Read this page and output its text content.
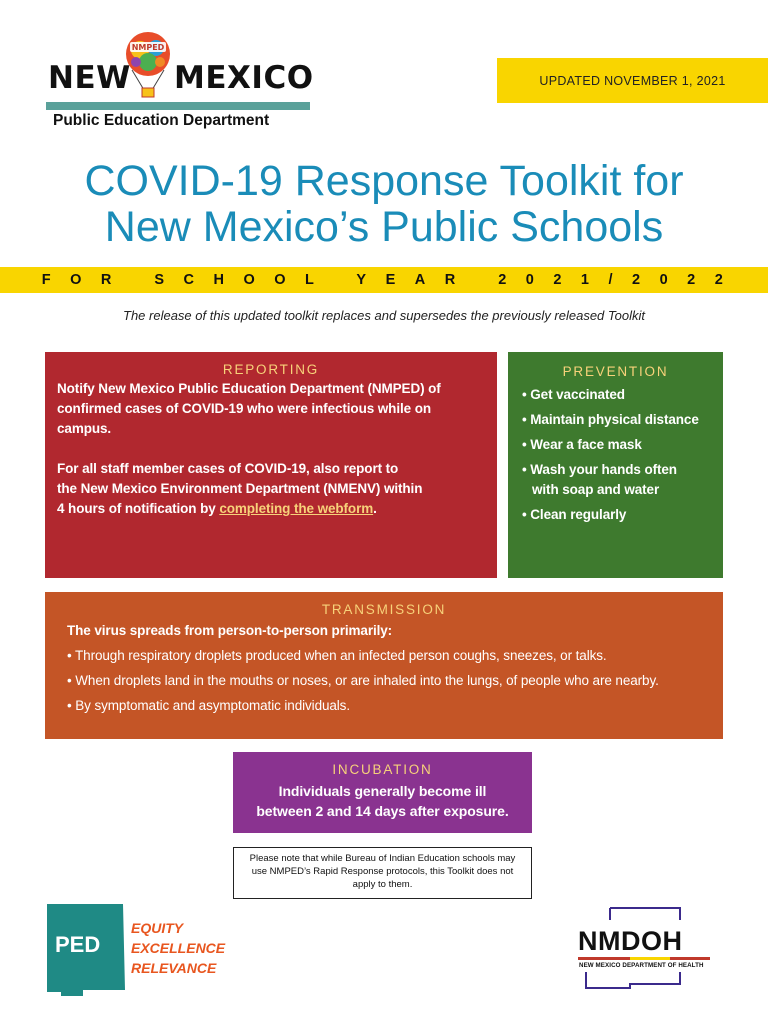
NMPED
NEW MEXICO
Public Education Department
UPDATED NOVEMBER 1, 2021
COVID-19 Response Toolkit for
New Mexico’s Public Schools
FOR SCHOOL YEAR 2021/2022
The release of this updated toolkit replaces and supersedes the previously released Toolkit
REPORTING

Notify New Mexico Public Education Department (NMPED) of confirmed cases of COVID-19 who were infectious while on campus.

For all staff member cases of COVID-19, also report to
the New Mexico Environment Department (NMENV) within
4 hours of notification by completing the webform.

PREVENTION
• Get vaccinated
• Maintain physical distance
• Wear a face mask
• Wash your hands often
with soap and water
• Clean regularly
TRANSMISSION
The virus spreads from person-to-person primarily:
• Through respiratory droplets produced when an infected person coughs, sneezes, or talks.
• When droplets land in the mouths or noses, or are inhaled into the lungs, of people who are nearby.
• By symptomatic and asymptomatic individuals.
INCUBATION
Individuals generally become ill
between 2 and 14 days after exposure.
Please note that while Bureau of Indian Education schools may use NMPED’s Rapid Response protocols, this Toolkit does not apply to them.
PED
EQUITY
EXCELLENCE
RELEVANCE
NMDOH
NEW MEXICO DEPARTMENT OF HEALTH
